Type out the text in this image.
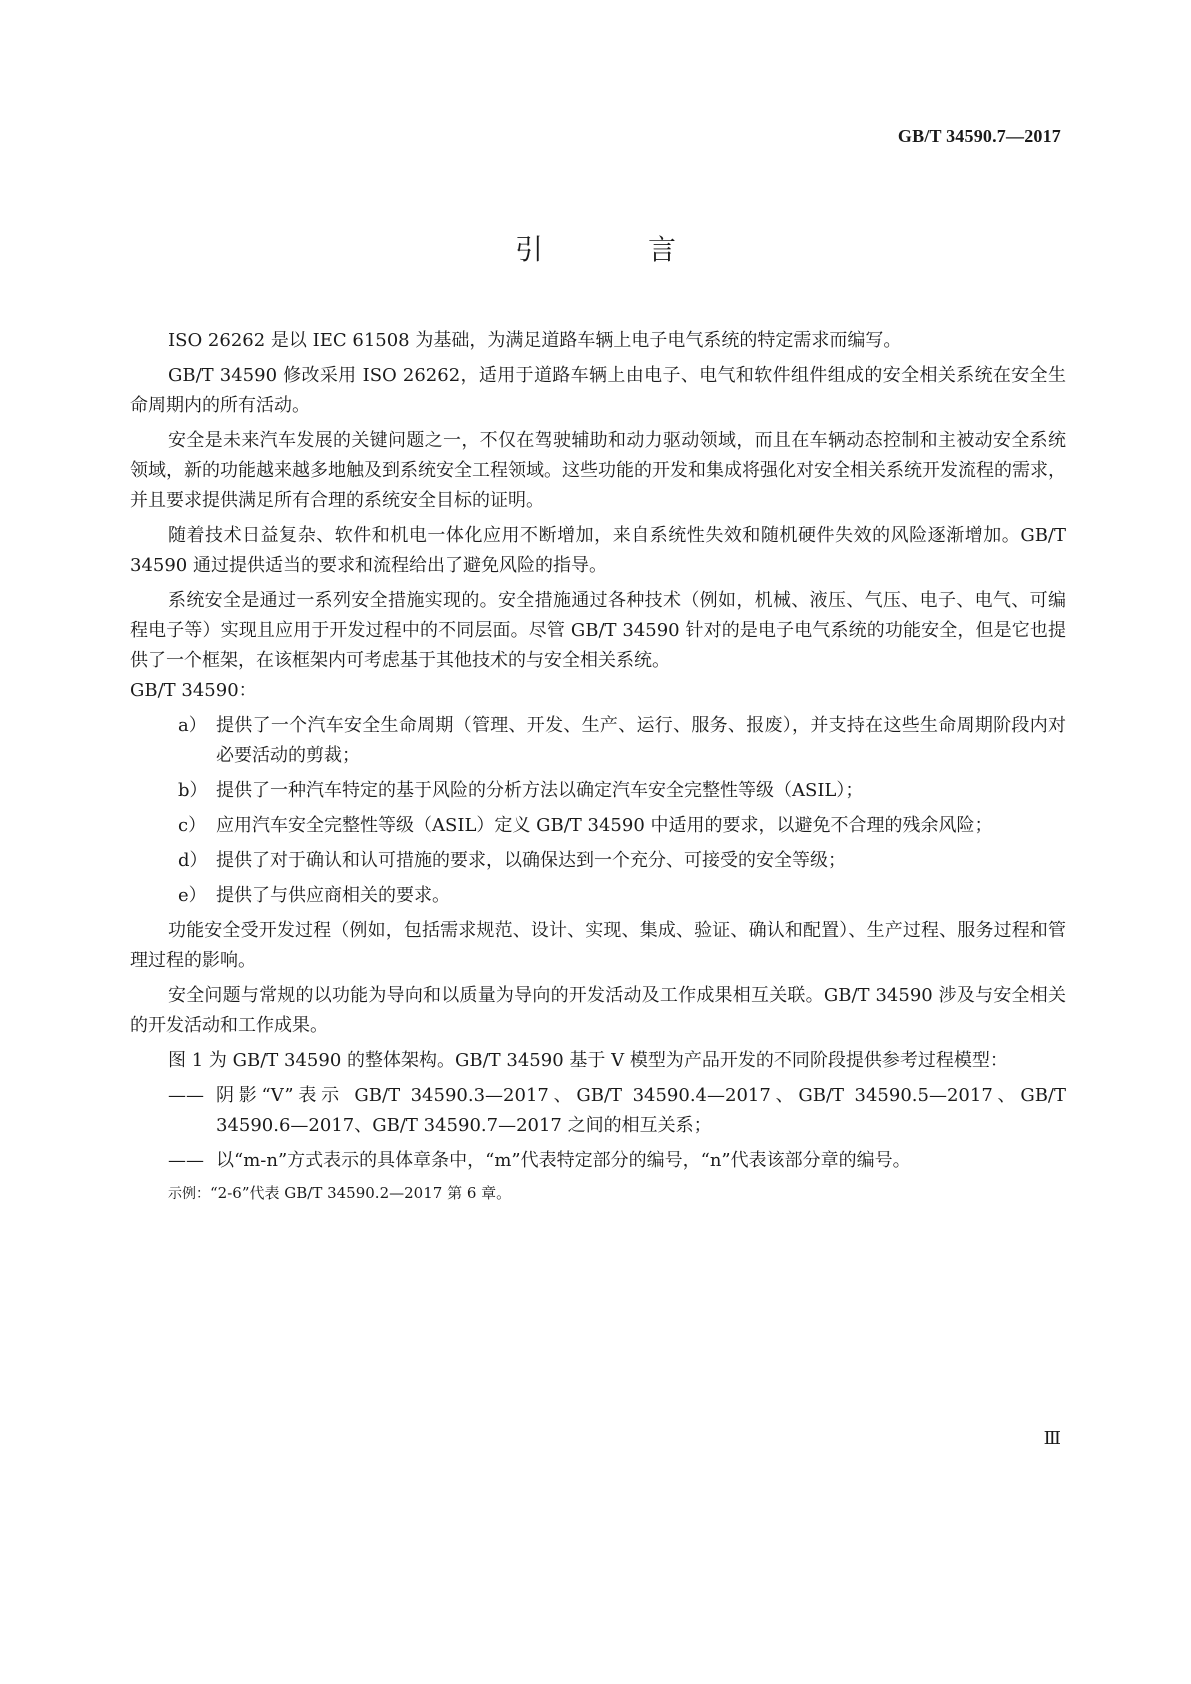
GB/T 34590.7—2017
引 言

ISO 26262 是以 IEC 61508 为基础，为满足道路车辆上电子电气系统的特定需求而编写。

GB/T 34590 修改采用 ISO 26262，适用于道路车辆上由电子、电气和软件组件组成的安全相关系统在安全生命周期内的所有活动。

安全是未来汽车发展的关键问题之一，不仅在驾驶辅助和动力驱动领域，而且在车辆动态控制和主被动安全系统领域，新的功能越来越多地触及到系统安全工程领域。这些功能的开发和集成将强化对安全相关系统开发流程的需求，并且要求提供满足所有合理的系统安全目标的证明。

随着技术日益复杂、软件和机电一体化应用不断增加，来自系统性失效和随机硬件失效的风险逐渐增加。GB/T 34590 通过提供适当的要求和流程给出了避免风险的指导。

系统安全是通过一系列安全措施实现的。安全措施通过各种技术（例如，机械、液压、气压、电子、电气、可编程电子等）实现且应用于开发过程中的不同层面。尽管 GB/T 34590 针对的是电子电气系统的功能安全，但是它也提供了一个框架，在该框架内可考虑基于其他技术的与安全相关系统。

GB/T 34590：
a） 提供了一个汽车安全生命周期（管理、开发、生产、运行、服务、报废），并支持在这些生命周期阶段内对必要活动的剪裁；
b） 提供了一种汽车特定的基于风险的分析方法以确定汽车安全完整性等级（ASIL）；
c） 应用汽车安全完整性等级（ASIL）定义 GB/T 34590 中适用的要求，以避免不合理的残余风险；
d） 提供了对于确认和认可措施的要求，以确保达到一个充分、可接受的安全等级；
e） 提供了与供应商相关的要求。

功能安全受开发过程（例如，包括需求规范、设计、实现、集成、验证、确认和配置）、生产过程、服务过程和管理过程的影响。

安全问题与常规的以功能为导向和以质量为导向的开发活动及工作成果相互关联。GB/T 34590 涉及与安全相关的开发活动和工作成果。

图 1 为 GB/T 34590 的整体架构。GB/T 34590 基于 V 模型为产品开发的不同阶段提供参考过程模型：

—— 阴影“V”表示 GB/T 34590.3—2017、GB/T 34590.4—2017、GB/T 34590.5—2017、GB/T 34590.6—2017、GB/T 34590.7—2017 之间的相互关系；
—— 以“m-n”方式表示的具体章条中，“m”代表特定部分的编号，“n”代表该部分章的编号。
示例：“2-6”代表 GB/T 34590.2—2017 第 6 章。
Ⅲ
